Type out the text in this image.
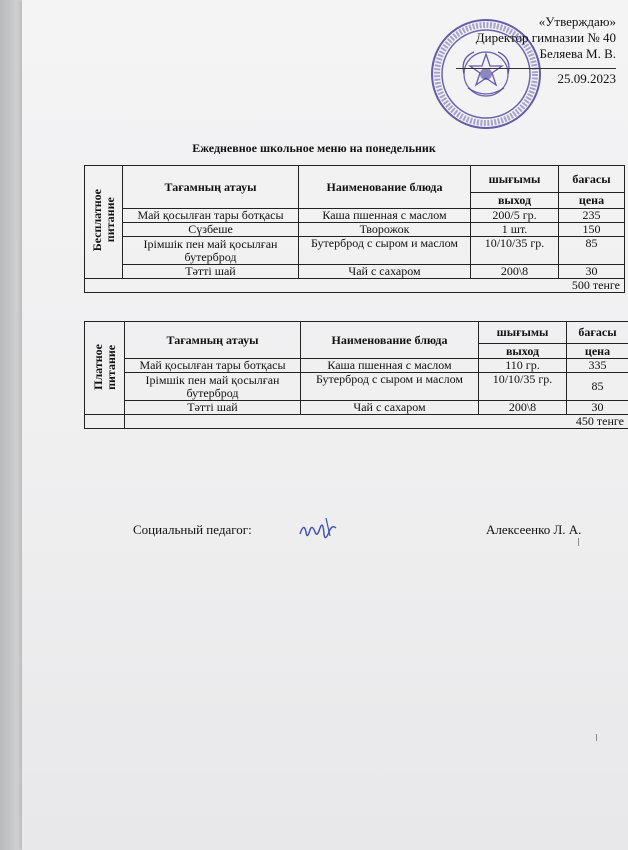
«Утверждаю»
Директор гимназии № 40
Беляева М. В.
25.09.2023
Ежедневное школьное меню на понедельник
Бесплатное
питание	Тағамның атауы	Наименование блюда	шығымы	бағасы
			выход	цена
	Май қосылған тары ботқасы	Каша пшенная с маслом	200/5 гр.	235
	Сүзбеше	Творожок	1 шт.	150
	Ірімшік пен май қосылған бутерброд	Бутерброд с сыром и маслом	10/10/35 гр.	85
	Тәтті шай	Чай с сахаром	200\8	30
500 тенге				
Платное
питание	Тағамның атауы	Наименование блюда	шығымы	бағасы
			выход	цена
	Май қосылған тары ботқасы	Каша пшенная с маслом	110 гр.	335
	Ірімшік пен май қосылған бутерброд	Бутерброд с сыром и маслом	10/10/35 гр.	85
	Тәтті шай	Чай с сахаром	200\8	30
	450 тенге			
Социальный педагог:	Алексеенко Л. А.
